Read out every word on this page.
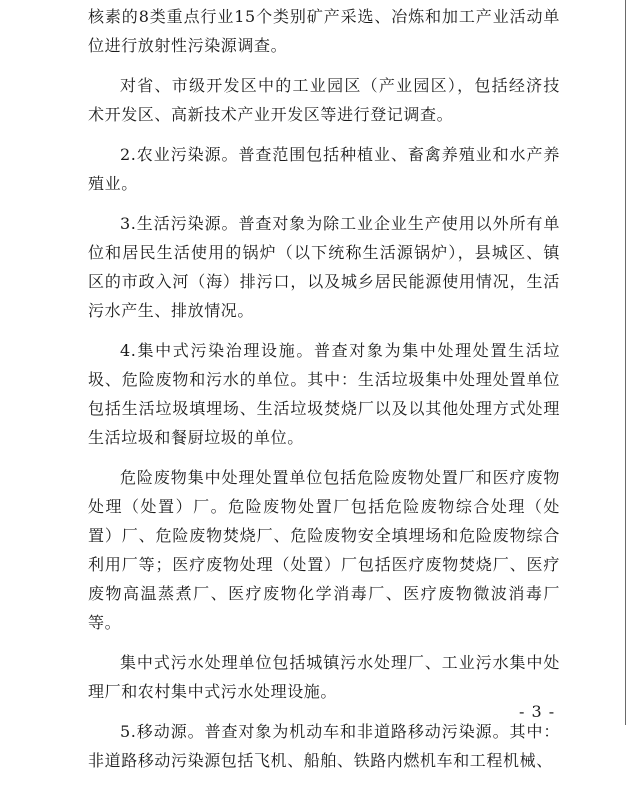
核素的8类重点行业15个类别矿产采选、冶炼和加工产业活动单位进行放射性污染源调查。

对省、市级开发区中的工业园区（产业园区），包括经济技术开发区、高新技术产业开发区等进行登记调查。

2.农业污染源。普查范围包括种植业、畜禽养殖业和水产养殖业。

3.生活污染源。普查对象为除工业企业生产使用以外所有单位和居民生活使用的锅炉（以下统称生活源锅炉），县城区、镇区的市政入河（海）排污口，以及城乡居民能源使用情况，生活污水产生、排放情况。

4.集中式污染治理设施。普查对象为集中处理处置生活垃圾、危险废物和污水的单位。其中：生活垃圾集中处理处置单位包括生活垃圾填埋场、生活垃圾焚烧厂以及以其他处理方式处理生活垃圾和餐厨垃圾的单位。

危险废物集中处理处置单位包括危险废物处置厂和医疗废物处理（处置）厂。危险废物处置厂包括危险废物综合处理（处置）厂、危险废物焚烧厂、危险废物安全填埋场和危险废物综合利用厂等；医疗废物处理（处置）厂包括医疗废物焚烧厂、医疗废物高温蒸煮厂、医疗废物化学消毒厂、医疗废物微波消毒厂等。

集中式污水处理单位包括城镇污水处理厂、工业污水集中处理厂和农村集中式污水处理设施。

5.移动源。普查对象为机动车和非道路移动污染源。其中：非道路移动污染源包括飞机、船舶、铁路内燃机车和工程机械、

- 3 -
